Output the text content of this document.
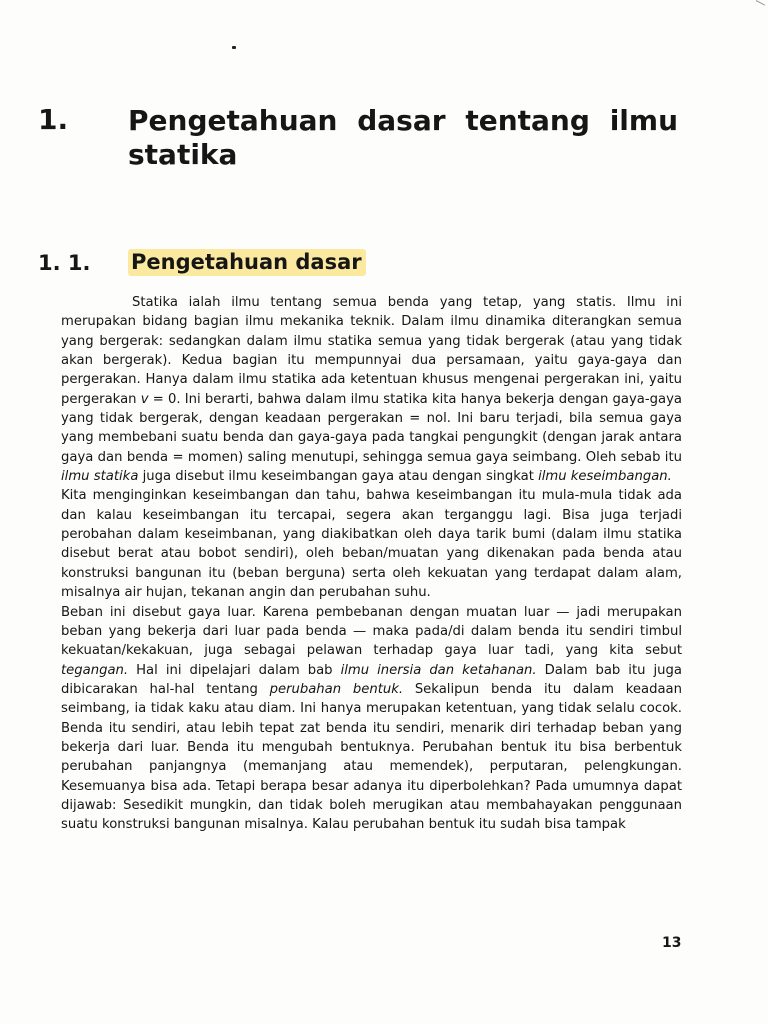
1. Pengetahuan dasar tentang ilmu statika
1. 1. Pengetahuan dasar

Statika ialah ilmu tentang semua benda yang tetap, yang statis. Ilmu ini merupakan bidang bagian ilmu mekanika teknik. Dalam ilmu dinamika diterangkan semua yang bergerak: sedangkan dalam ilmu statika semua yang tidak bergerak (atau yang tidak akan bergerak). Kedua bagian itu mempunnyai dua persamaan, yaitu gaya-gaya dan pergerakan. Hanya dalam ilmu statika ada ketentuan khusus mengenai pergerakan ini, yaitu pergerakan v = 0. Ini berarti, bahwa dalam ilmu statika kita hanya bekerja dengan gaya-gaya yang tidak bergerak, dengan keadaan pergerakan = nol. Ini baru terjadi, bila semua gaya yang membebani suatu benda dan gaya-gaya pada tangkai pengungkit (dengan jarak antara gaya dan benda = momen) saling menutupi, sehingga semua gaya seimbang. Oleh sebab itu ilmu statika juga disebut ilmu keseimbangan gaya atau dengan singkat ilmu keseimbangan.

Kita menginginkan keseimbangan dan tahu, bahwa keseimbangan itu mula-mula tidak ada dan kalau keseimbangan itu tercapai, segera akan terganggu lagi. Bisa juga terjadi perobahan dalam keseimbanan, yang diakibatkan oleh daya tarik bumi (dalam ilmu statika disebut berat atau bobot sendiri), oleh beban/muatan yang dikenakan pada benda atau konstruksi bangunan itu (beban berguna) serta oleh kekuatan yang terdapat dalam alam, misalnya air hujan, tekanan angin dan perubahan suhu.

Beban ini disebut gaya luar. Karena pembebanan dengan muatan luar — jadi merupakan beban yang bekerja dari luar pada benda — maka pada/di dalam benda itu sendiri timbul kekuatan/kekakuan, juga sebagai pelawan terhadap gaya luar tadi, yang kita sebut tegangan. Hal ini dipelajari dalam bab ilmu inersia dan ketahanan. Dalam bab itu juga dibicarakan hal-hal tentang perubahan bentuk. Sekalipun benda itu dalam keadaan seimbang, ia tidak kaku atau diam. Ini hanya merupakan ketentuan, yang tidak selalu cocok. Benda itu sendiri, atau lebih tepat zat benda itu sendiri, menarik diri terhadap beban yang bekerja dari luar. Benda itu mengubah bentuknya. Perubahan bentuk itu bisa berbentuk perubahan panjangnya (memanjang atau memendek), perputaran, pelengkungan. Kesemuanya bisa ada. Tetapi berapa besar adanya itu diperbolehkan? Pada umumnya dapat dijawab: Sesedikit mungkin, dan tidak boleh merugikan atau membahayakan penggunaan suatu konstruksi bangunan misalnya. Kalau perubahan bentuk itu sudah bisa tampak

13
